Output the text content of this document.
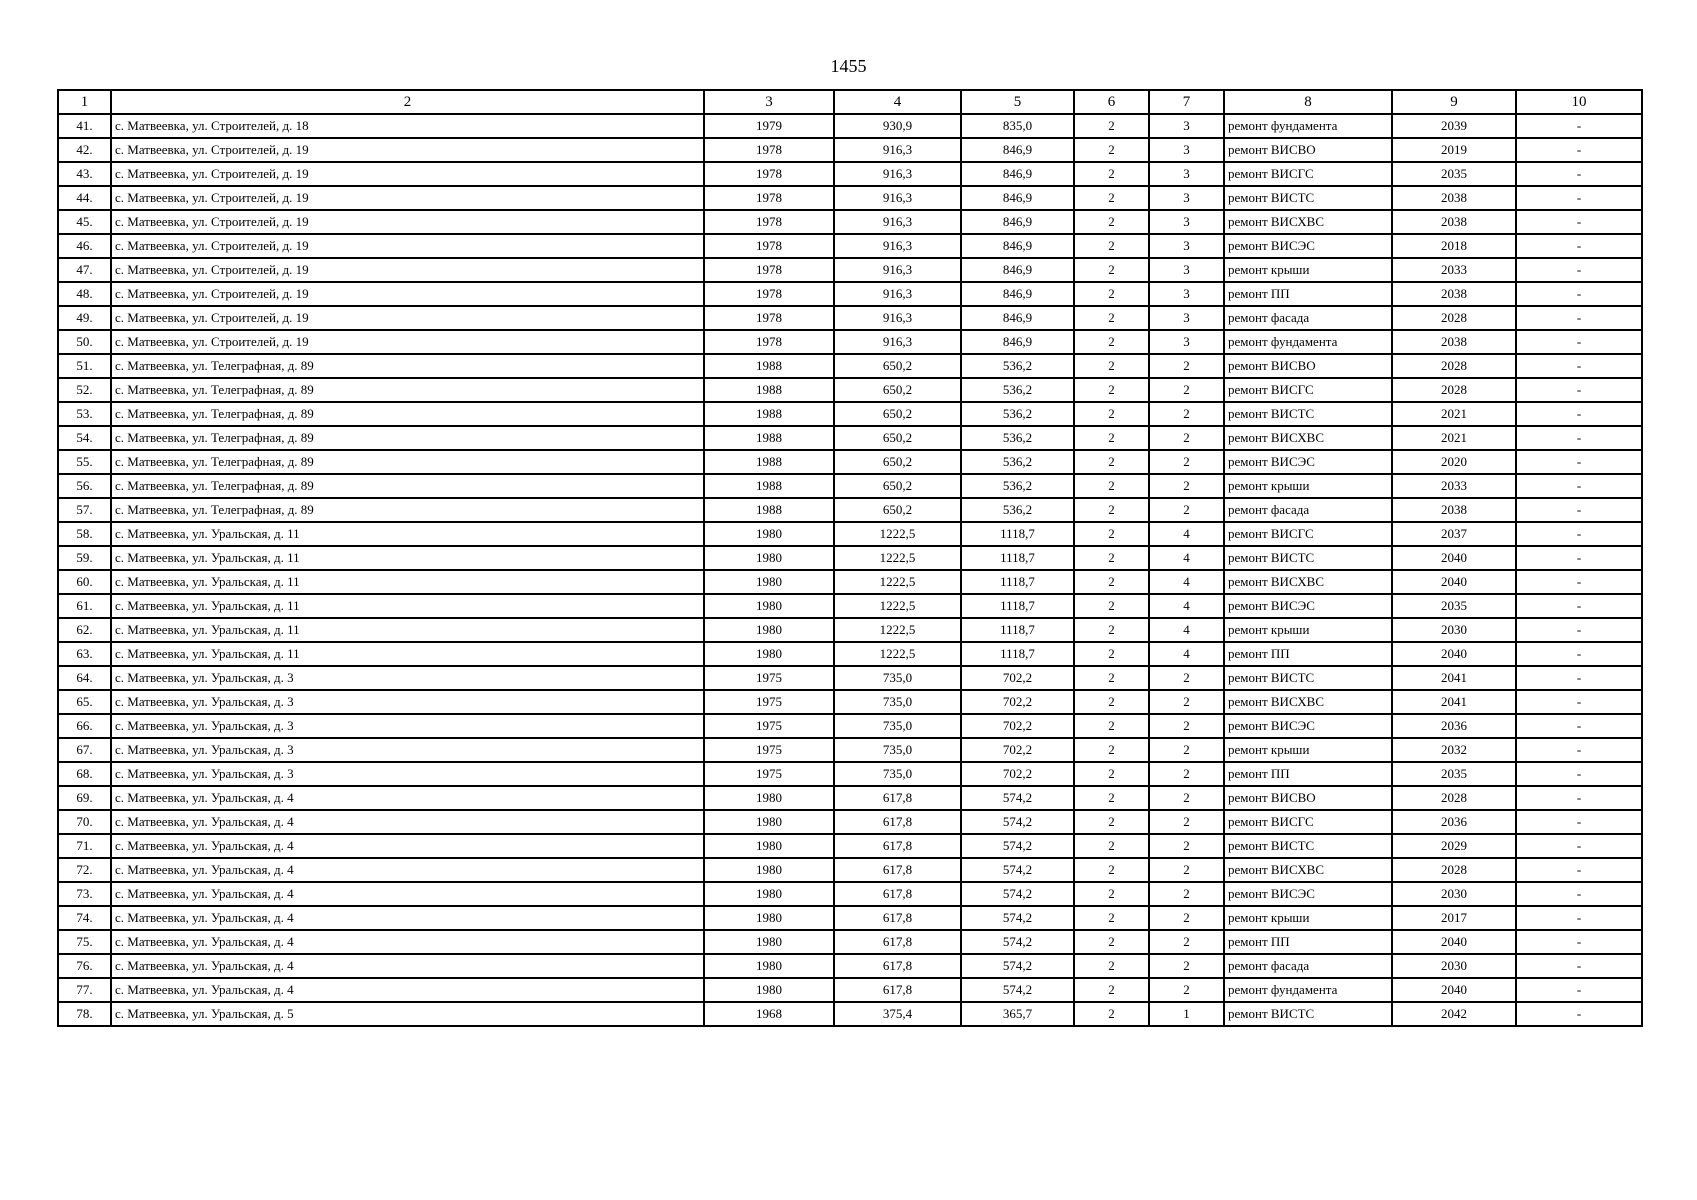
1455
1	2	3	4	5	6	7	8	9	10
41.	с. Матвеевка, ул. Строителей, д. 18	1979	930,9	835,0	2	3	ремонт фундамента	2039	-
42.	с. Матвеевка, ул. Строителей, д. 19	1978	916,3	846,9	2	3	ремонт ВИСВО	2019	-
43.	с. Матвеевка, ул. Строителей, д. 19	1978	916,3	846,9	2	3	ремонт ВИСГС	2035	-
44.	с. Матвеевка, ул. Строителей, д. 19	1978	916,3	846,9	2	3	ремонт ВИСТС	2038	-
45.	с. Матвеевка, ул. Строителей, д. 19	1978	916,3	846,9	2	3	ремонт ВИСХВС	2038	-
46.	с. Матвеевка, ул. Строителей, д. 19	1978	916,3	846,9	2	3	ремонт ВИСЭС	2018	-
47.	с. Матвеевка, ул. Строителей, д. 19	1978	916,3	846,9	2	3	ремонт крыши	2033	-
48.	с. Матвеевка, ул. Строителей, д. 19	1978	916,3	846,9	2	3	ремонт ПП	2038	-
49.	с. Матвеевка, ул. Строителей, д. 19	1978	916,3	846,9	2	3	ремонт фасада	2028	-
50.	с. Матвеевка, ул. Строителей, д. 19	1978	916,3	846,9	2	3	ремонт фундамента	2038	-
51.	с. Матвеевка, ул. Телеграфная, д. 89	1988	650,2	536,2	2	2	ремонт ВИСВО	2028	-
52.	с. Матвеевка, ул. Телеграфная, д. 89	1988	650,2	536,2	2	2	ремонт ВИСГС	2028	-
53.	с. Матвеевка, ул. Телеграфная, д. 89	1988	650,2	536,2	2	2	ремонт ВИСТС	2021	-
54.	с. Матвеевка, ул. Телеграфная, д. 89	1988	650,2	536,2	2	2	ремонт ВИСХВС	2021	-
55.	с. Матвеевка, ул. Телеграфная, д. 89	1988	650,2	536,2	2	2	ремонт ВИСЭС	2020	-
56.	с. Матвеевка, ул. Телеграфная, д. 89	1988	650,2	536,2	2	2	ремонт крыши	2033	-
57.	с. Матвеевка, ул. Телеграфная, д. 89	1988	650,2	536,2	2	2	ремонт фасада	2038	-
58.	с. Матвеевка, ул. Уральская, д. 11	1980	1222,5	1118,7	2	4	ремонт ВИСГС	2037	-
59.	с. Матвеевка, ул. Уральская, д. 11	1980	1222,5	1118,7	2	4	ремонт ВИСТС	2040	-
60.	с. Матвеевка, ул. Уральская, д. 11	1980	1222,5	1118,7	2	4	ремонт ВИСХВС	2040	-
61.	с. Матвеевка, ул. Уральская, д. 11	1980	1222,5	1118,7	2	4	ремонт ВИСЭС	2035	-
62.	с. Матвеевка, ул. Уральская, д. 11	1980	1222,5	1118,7	2	4	ремонт крыши	2030	-
63.	с. Матвеевка, ул. Уральская, д. 11	1980	1222,5	1118,7	2	4	ремонт ПП	2040	-
64.	с. Матвеевка, ул. Уральская, д. 3	1975	735,0	702,2	2	2	ремонт ВИСТС	2041	-
65.	с. Матвеевка, ул. Уральская, д. 3	1975	735,0	702,2	2	2	ремонт ВИСХВС	2041	-
66.	с. Матвеевка, ул. Уральская, д. 3	1975	735,0	702,2	2	2	ремонт ВИСЭС	2036	-
67.	с. Матвеевка, ул. Уральская, д. 3	1975	735,0	702,2	2	2	ремонт крыши	2032	-
68.	с. Матвеевка, ул. Уральская, д. 3	1975	735,0	702,2	2	2	ремонт ПП	2035	-
69.	с. Матвеевка, ул. Уральская, д. 4	1980	617,8	574,2	2	2	ремонт ВИСВО	2028	-
70.	с. Матвеевка, ул. Уральская, д. 4	1980	617,8	574,2	2	2	ремонт ВИСГС	2036	-
71.	с. Матвеевка, ул. Уральская, д. 4	1980	617,8	574,2	2	2	ремонт ВИСТС	2029	-
72.	с. Матвеевка, ул. Уральская, д. 4	1980	617,8	574,2	2	2	ремонт ВИСХВС	2028	-
73.	с. Матвеевка, ул. Уральская, д. 4	1980	617,8	574,2	2	2	ремонт ВИСЭС	2030	-
74.	с. Матвеевка, ул. Уральская, д. 4	1980	617,8	574,2	2	2	ремонт крыши	2017	-
75.	с. Матвеевка, ул. Уральская, д. 4	1980	617,8	574,2	2	2	ремонт ПП	2040	-
76.	с. Матвеевка, ул. Уральская, д. 4	1980	617,8	574,2	2	2	ремонт фасада	2030	-
77.	с. Матвеевка, ул. Уральская, д. 4	1980	617,8	574,2	2	2	ремонт фундамента	2040	-
78.	с. Матвеевка, ул. Уральская, д. 5	1968	375,4	365,7	2	1	ремонт ВИСТС	2042	-
